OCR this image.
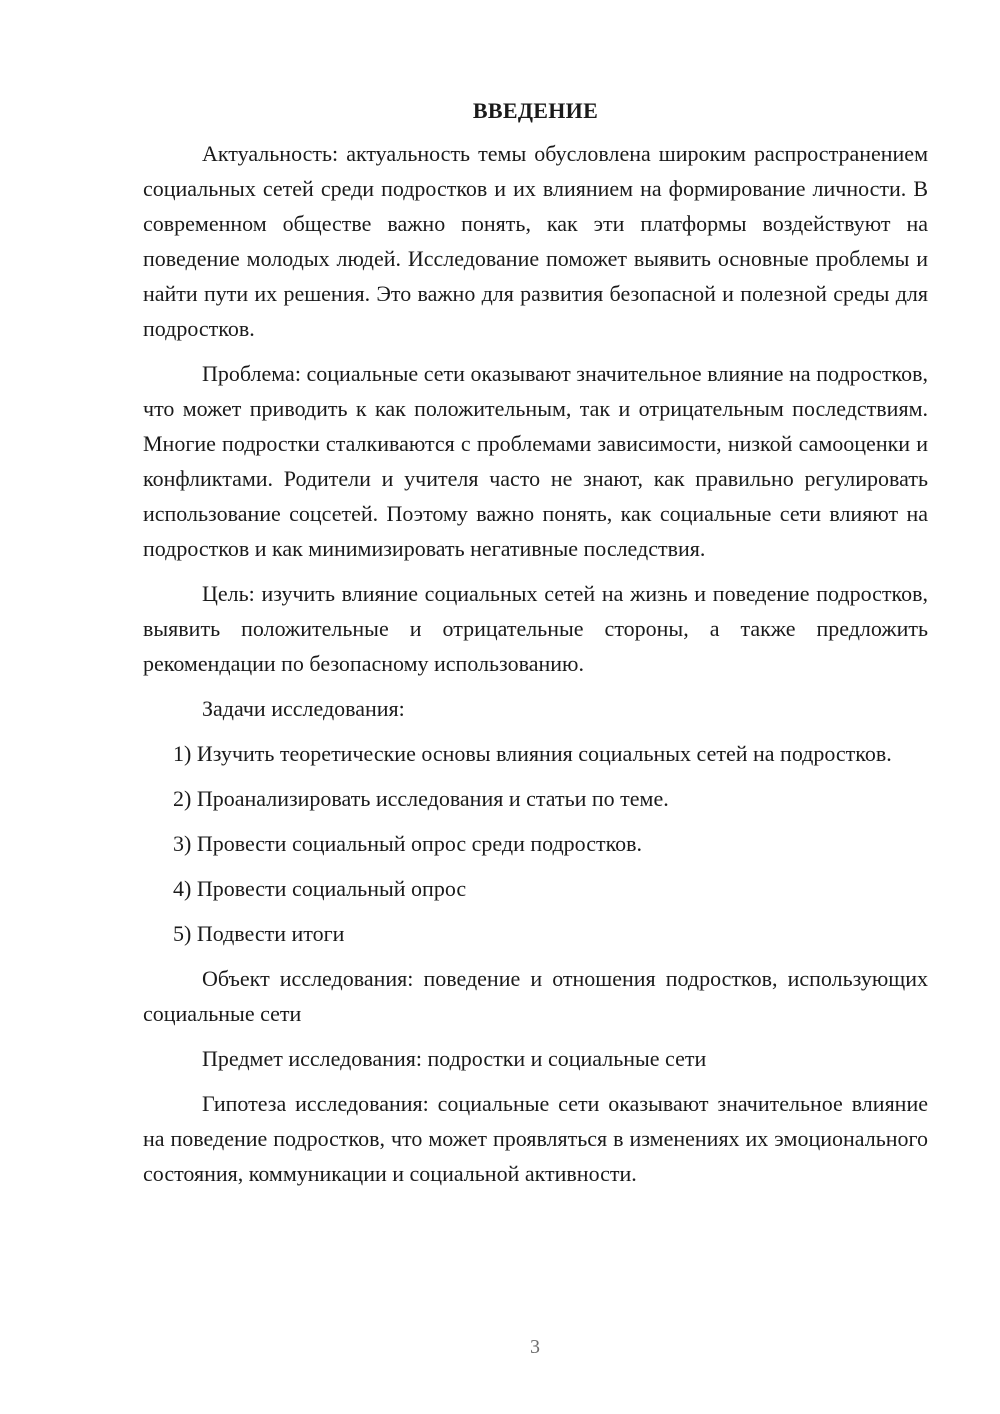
ВВЕДЕНИЕ

Актуальность: актуальность темы обусловлена широким распространением социальных сетей среди подростков и их влиянием на формирование личности. В современном обществе важно понять, как эти платформы воздействуют на поведение молодых людей. Исследование поможет выявить основные проблемы и найти пути их решения. Это важно для развития безопасной и полезной среды для подростков.

Проблема: социальные сети оказывают значительное влияние на подростков, что может приводить к как положительным, так и отрицательным последствиям. Многие подростки сталкиваются с проблемами зависимости, низкой самооценки и конфликтами. Родители и учителя часто не знают, как правильно регулировать использование соцсетей. Поэтому важно понять, как социальные сети влияют на подростков и как минимизировать негативные последствия.

Цель: изучить влияние социальных сетей на жизнь и поведение подростков, выявить положительные и отрицательные стороны, а также предложить рекомендации по безопасному использованию.

Задачи исследования:

1) Изучить теоретические основы влияния социальных сетей на подростков.

2) Проанализировать исследования и статьи по теме.

3) Провести социальный опрос среди подростков.

4) Провести социальный опрос

5) Подвести итоги

Объект исследования: поведение и отношения подростков, использующих социальные сети

Предмет исследования: подростки и социальные сети

Гипотеза исследования: социальные сети оказывают значительное влияние на поведение подростков, что может проявляться в изменениях их эмоционального состояния, коммуникации и социальной активности.

3
